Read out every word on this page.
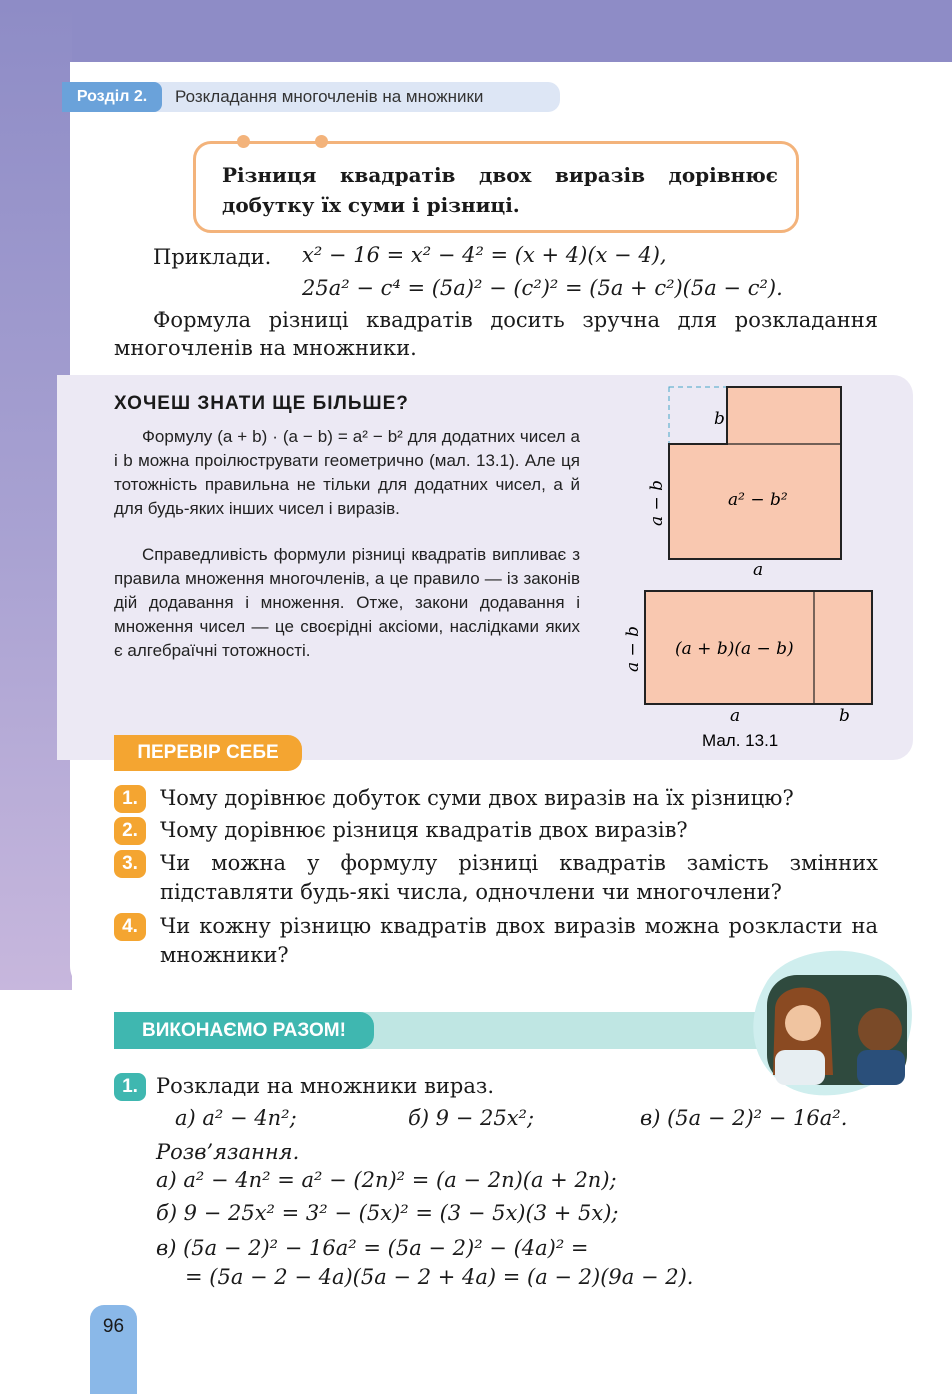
Розділ 2.	Розкладання многочленів на множники
Різниця квадратів двох виразів дорівнює добутку їх суми і різниці.
Приклади. x² − 16 = x² − 4² = (x + 4)(x − 4),
25a² − c⁴ = (5a)² − (c²)² = (5a + c²)(5a − c²).
Формула різниці квадратів досить зручна для розкладання многочленів на множники.
ХОЧЕШ ЗНАТИ ЩЕ БІЛЬШЕ?
Формулу (a + b) · (a − b) = a² − b² для додатних чисел a і b можна проілюструвати геометрично (мал. 13.1). Але ця тотожність правильна не тільки для додатних чисел, а й для будь-яких інших чисел і виразів.
Справедливість формули різниці квадратів випливає з правила множення многочленів, а це правило — із законів дій додавання і множення. Отже, закони додавання і множення чисел — це своєрідні аксіоми, наслідками яких є алгебраїчні тотожності.
b
a² − b²
a − b
a
(a + b)(a − b)
a − b
a	b
Мал. 13.1
ПЕРЕВІР СЕБЕ
1.	Чому дорівнює добуток суми двох виразів на їх різницю?
2.	Чому дорівнює різниця квадратів двох виразів?
3.	Чи можна у формулу різниці квадратів замість змінних підставляти будь-які числа, одночлени чи многочлени?
4.	Чи кожну різницю квадратів двох виразів можна розкласти на множники?
ВИКОНАЄМО РАЗОМ!
1. Розклади на множники вираз.
а) a² − 4n²;	б) 9 − 25x²;	в) (5a − 2)² − 16a².
Розв’язання.
а) a² − 4n² = a² − (2n)² = (a − 2n)(a + 2n);
б) 9 − 25x² = 3² − (5x)² = (3 − 5x)(3 + 5x);
в) (5a − 2)² − 16a² = (5a − 2)² − (4a)² =
= (5a − 2 − 4a)(5a − 2 + 4a) = (a − 2)(9a − 2).
96
